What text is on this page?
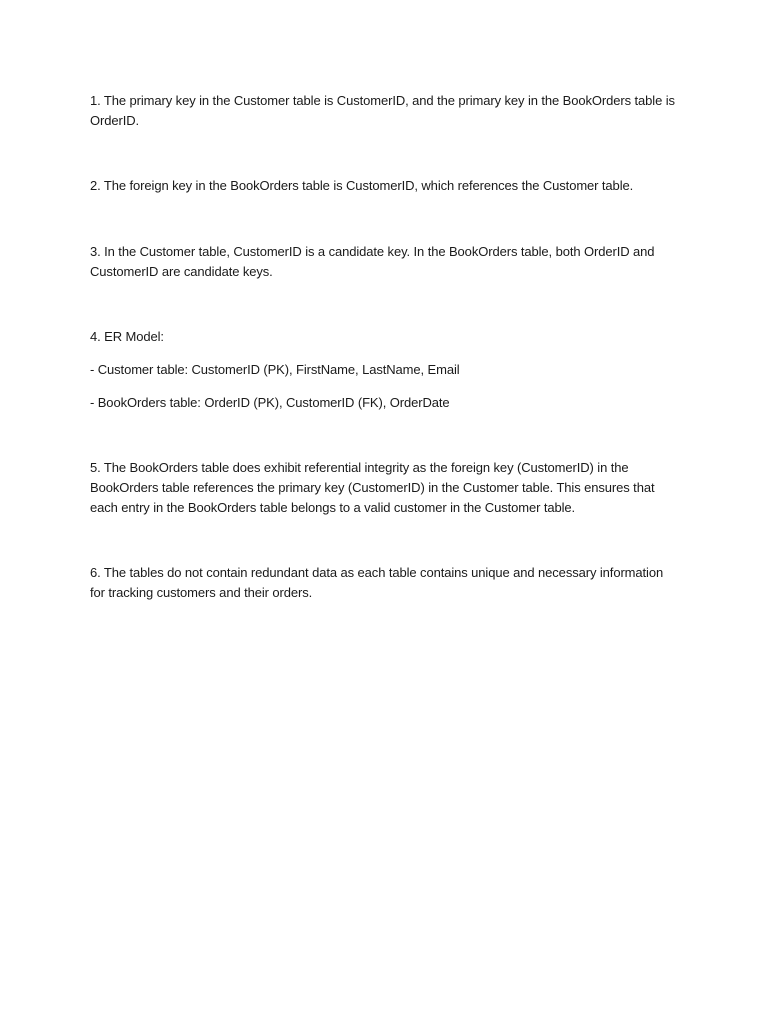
1. The primary key in the Customer table is CustomerID, and the primary key in the BookOrders table is OrderID.

2. The foreign key in the BookOrders table is CustomerID, which references the Customer table.

3. In the Customer table, CustomerID is a candidate key. In the BookOrders table, both OrderID and CustomerID are candidate keys.

4. ER Model:

- Customer table: CustomerID (PK), FirstName, LastName, Email

- BookOrders table: OrderID (PK), CustomerID (FK), OrderDate

5. The BookOrders table does exhibit referential integrity as the foreign key (CustomerID) in the BookOrders table references the primary key (CustomerID) in the Customer table. This ensures that each entry in the BookOrders table belongs to a valid customer in the Customer table.

6. The tables do not contain redundant data as each table contains unique and necessary information for tracking customers and their orders.
